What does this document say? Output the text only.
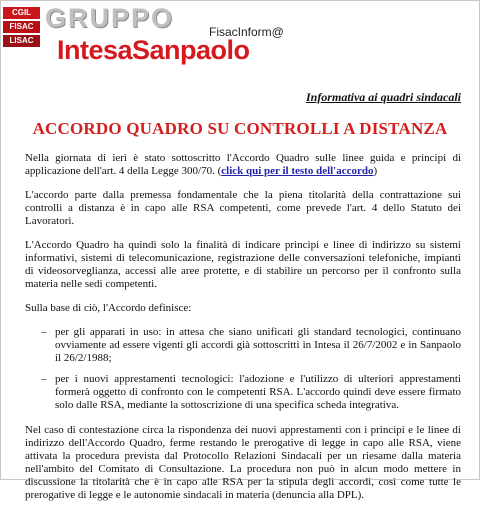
CGIL
FISAC
LISAC
GRUPPO	FisacInform@
IntesaSanpaolo
Informativa ai quadri sindacali
ACCORDO QUADRO SU CONTROLLI A DISTANZA

Nella giornata di ieri è stato sottoscritto l'Accordo Quadro sulle linee guida e principi di applicazione dell'art. 4 della Legge 300/70. (click qui per il testo dell'accordo)

L'accordo parte dalla premessa fondamentale che la piena titolarità della contrattazione sui controlli a distanza è in capo alle RSA competenti, come prevede l'art. 4 dello Statuto dei Lavoratori.

L'Accordo Quadro ha quindi solo la finalità di indicare principi e linee di indirizzo su sistemi informativi, sistemi di telecomunicazione, registrazione delle conversazioni telefoniche, impianti di videosorveglianza, accessi alle aree protette, e di stabilire un percorso per il confronto sulla materia nelle sedi competenti.

Sulla base di ciò, l'Accordo definisce:

– per gli apparati in uso: in attesa che siano unificati gli standard tecnologici, continuano ovviamente ad essere vigenti gli accordi già sottoscritti in Intesa il 26/7/2002 e in Sanpaolo il 26/2/1988;
– per i nuovi apprestamenti tecnologici: l'adozione e l'utilizzo di ulteriori apprestamenti formerà oggetto di confronto con le competenti RSA. L'accordo quindi deve essere firmato solo dalle RSA, mediante la sottoscrizione di una specifica scheda integrativa.

Nel caso di contestazione circa la rispondenza dei nuovi apprestamenti con i principi e le linee di indirizzo dell'Accordo Quadro, ferme restando le prerogative di legge in capo alle RSA, viene attivata la procedura prevista dal Protocollo Relazioni Sindacali per un riesame dalla materia nell'ambito del Comitato di Consultazione. La procedura non può in alcun modo mettere in discussione la titolarità che è in capo alle RSA per la stipula degli accordi, così come tutte le prerogative di legge e le autonomie sindacali in materia (denuncia alla DPL).
